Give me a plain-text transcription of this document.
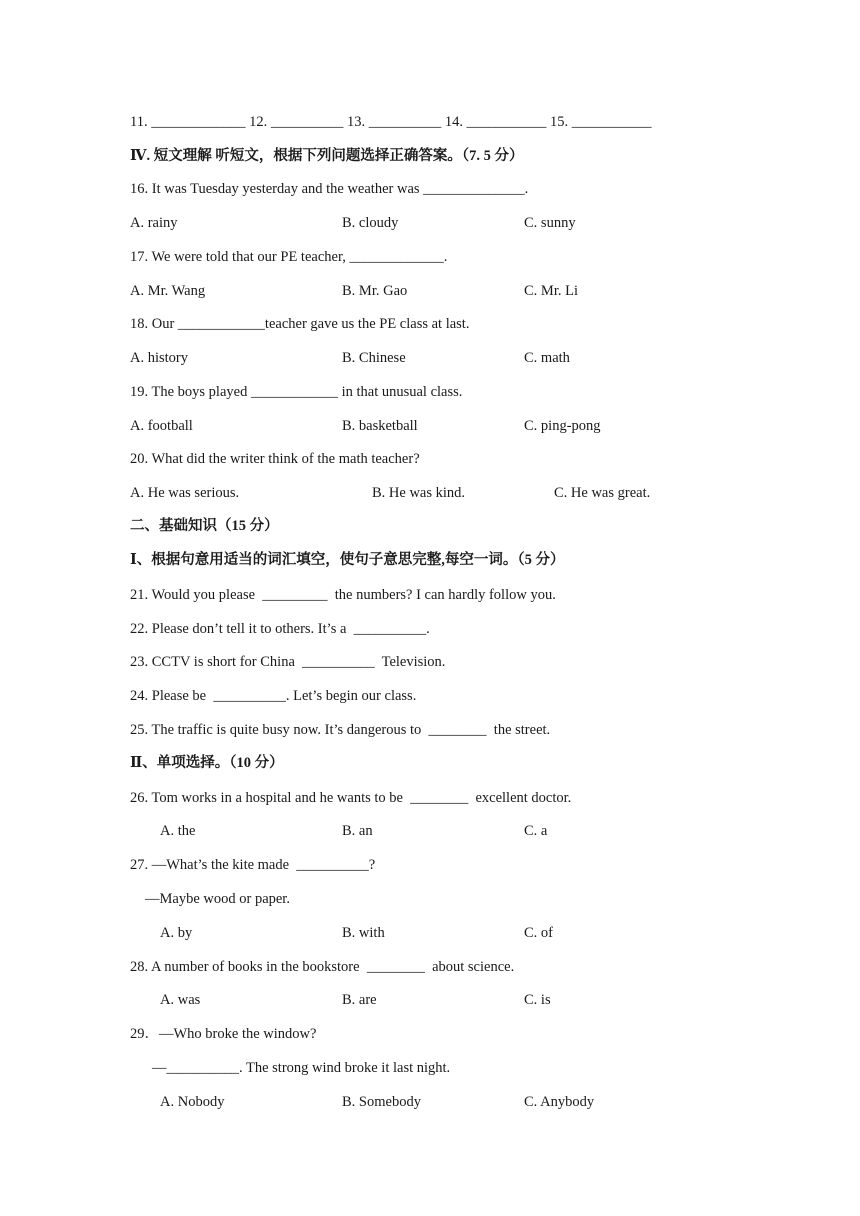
11. _____________ 12. __________ 13. __________ 14. ___________ 15. ___________
Ⅳ. 短文理解 听短文，根据下列问题选择正确答案。（7. 5 分）
16. It was Tuesday yesterday and the weather was ______________.
A. rainy	B. cloudy	C. sunny
17. We were told that our PE teacher, _____________.
A. Mr. Wang	B. Mr. Gao	C. Mr. Li
18. Our ____________teacher gave us the PE class at last.
A. history	B. Chinese	C. math
19. The boys played ____________ in that unusual class.
A. football	B. basketball	C. ping-pong
20. What did the writer think of the math teacher?
A. He was serious.	B. He was kind.	C. He was great.
二、基础知识（15 分）
Ⅰ、根据句意用适当的词汇填空，使句子意思完整,每空一词。（5 分）
21. Would you please  _________  the numbers? I can hardly follow you.
22. Please don’t tell it to others. It’s a  __________.
23. CCTV is short for China  __________  Television.
24. Please be  __________. Let’s begin our class.
25. The traffic is quite busy now. It’s dangerous to  ________  the street.
Ⅱ、单项选择。（10 分）
26. Tom works in a hospital and he wants to be  ________  excellent doctor.
A. the	B. an	C. a
27. —What’s the kite made  __________?
—Maybe wood or paper.
A. by	B. with	C. of
28. A number of books in the bookstore  ________  about science.
A. was	B. are	C. is
29．—Who broke the window?
—__________. The strong wind broke it last night.
A. Nobody	B. Somebody	C. Anybody
